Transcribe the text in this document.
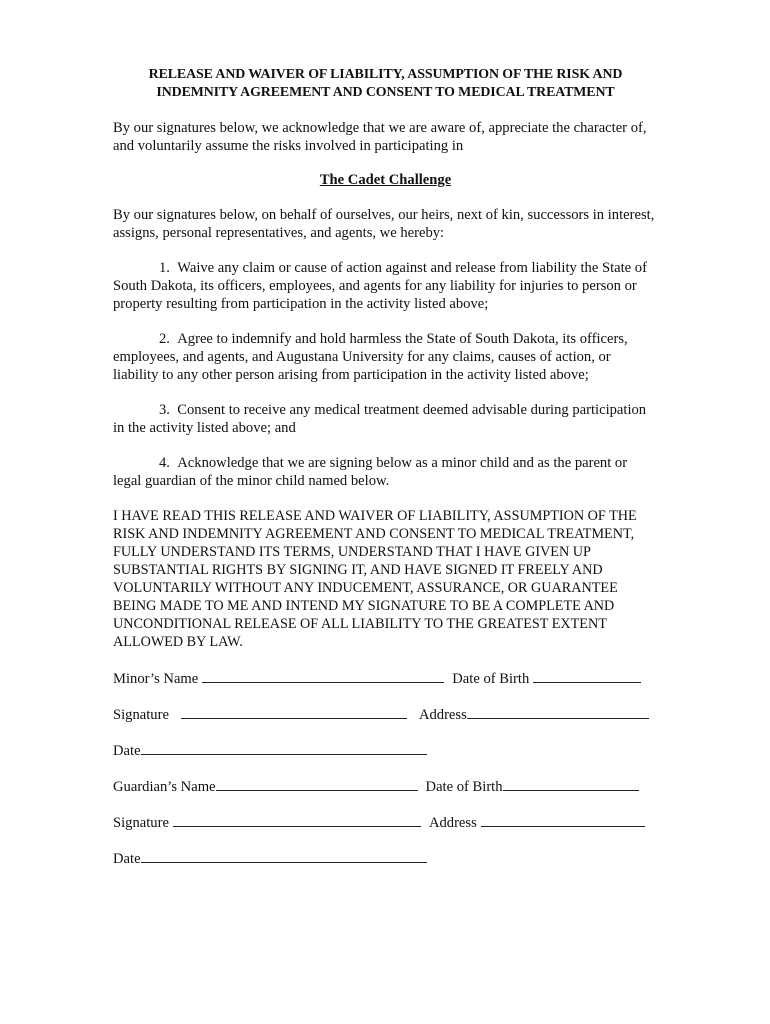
RELEASE AND WAIVER OF LIABILITY, ASSUMPTION OF THE RISK AND
INDEMNITY AGREEMENT AND CONSENT TO MEDICAL TREATMENT

By our signatures below, we acknowledge that we are aware of, appreciate the character of, and voluntarily assume the risks involved in participating in

The Cadet Challenge

By our signatures below, on behalf of ourselves, our heirs, next of kin, successors in interest, assigns, personal representatives, and agents, we hereby:

1. Waive any claim or cause of action against and release from liability the State of South Dakota, its officers, employees, and agents for any liability for injuries to person or property resulting from participation in the activity listed above;

2. Agree to indemnify and hold harmless the State of South Dakota, its officers, employees, and agents, and Augustana University for any claims, causes of action, or liability to any other person arising from participation in the activity listed above;

3. Consent to receive any medical treatment deemed advisable during participation in the activity listed above; and

4. Acknowledge that we are signing below as a minor child and as the parent or legal guardian of the minor child named below.

I HAVE READ THIS RELEASE AND WAIVER OF LIABILITY, ASSUMPTION OF THE RISK AND INDEMNITY AGREEMENT AND CONSENT TO MEDICAL TREATMENT, FULLY UNDERSTAND ITS TERMS, UNDERSTAND THAT I HAVE GIVEN UP SUBSTANTIAL RIGHTS BY SIGNING IT, AND HAVE SIGNED IT FREELY AND VOLUNTARILY WITHOUT ANY INDUCEMENT, ASSURANCE, OR GUARANTEE BEING MADE TO ME AND INTEND MY SIGNATURE TO BE A COMPLETE AND UNCONDITIONAL RELEASE OF ALL LIABILITY TO THE GREATEST EXTENT ALLOWED BY LAW.

Minor’s Name	Date of Birth
Signature	Address
Date
Guardian’s Name	Date of Birth
Signature	Address
Date
